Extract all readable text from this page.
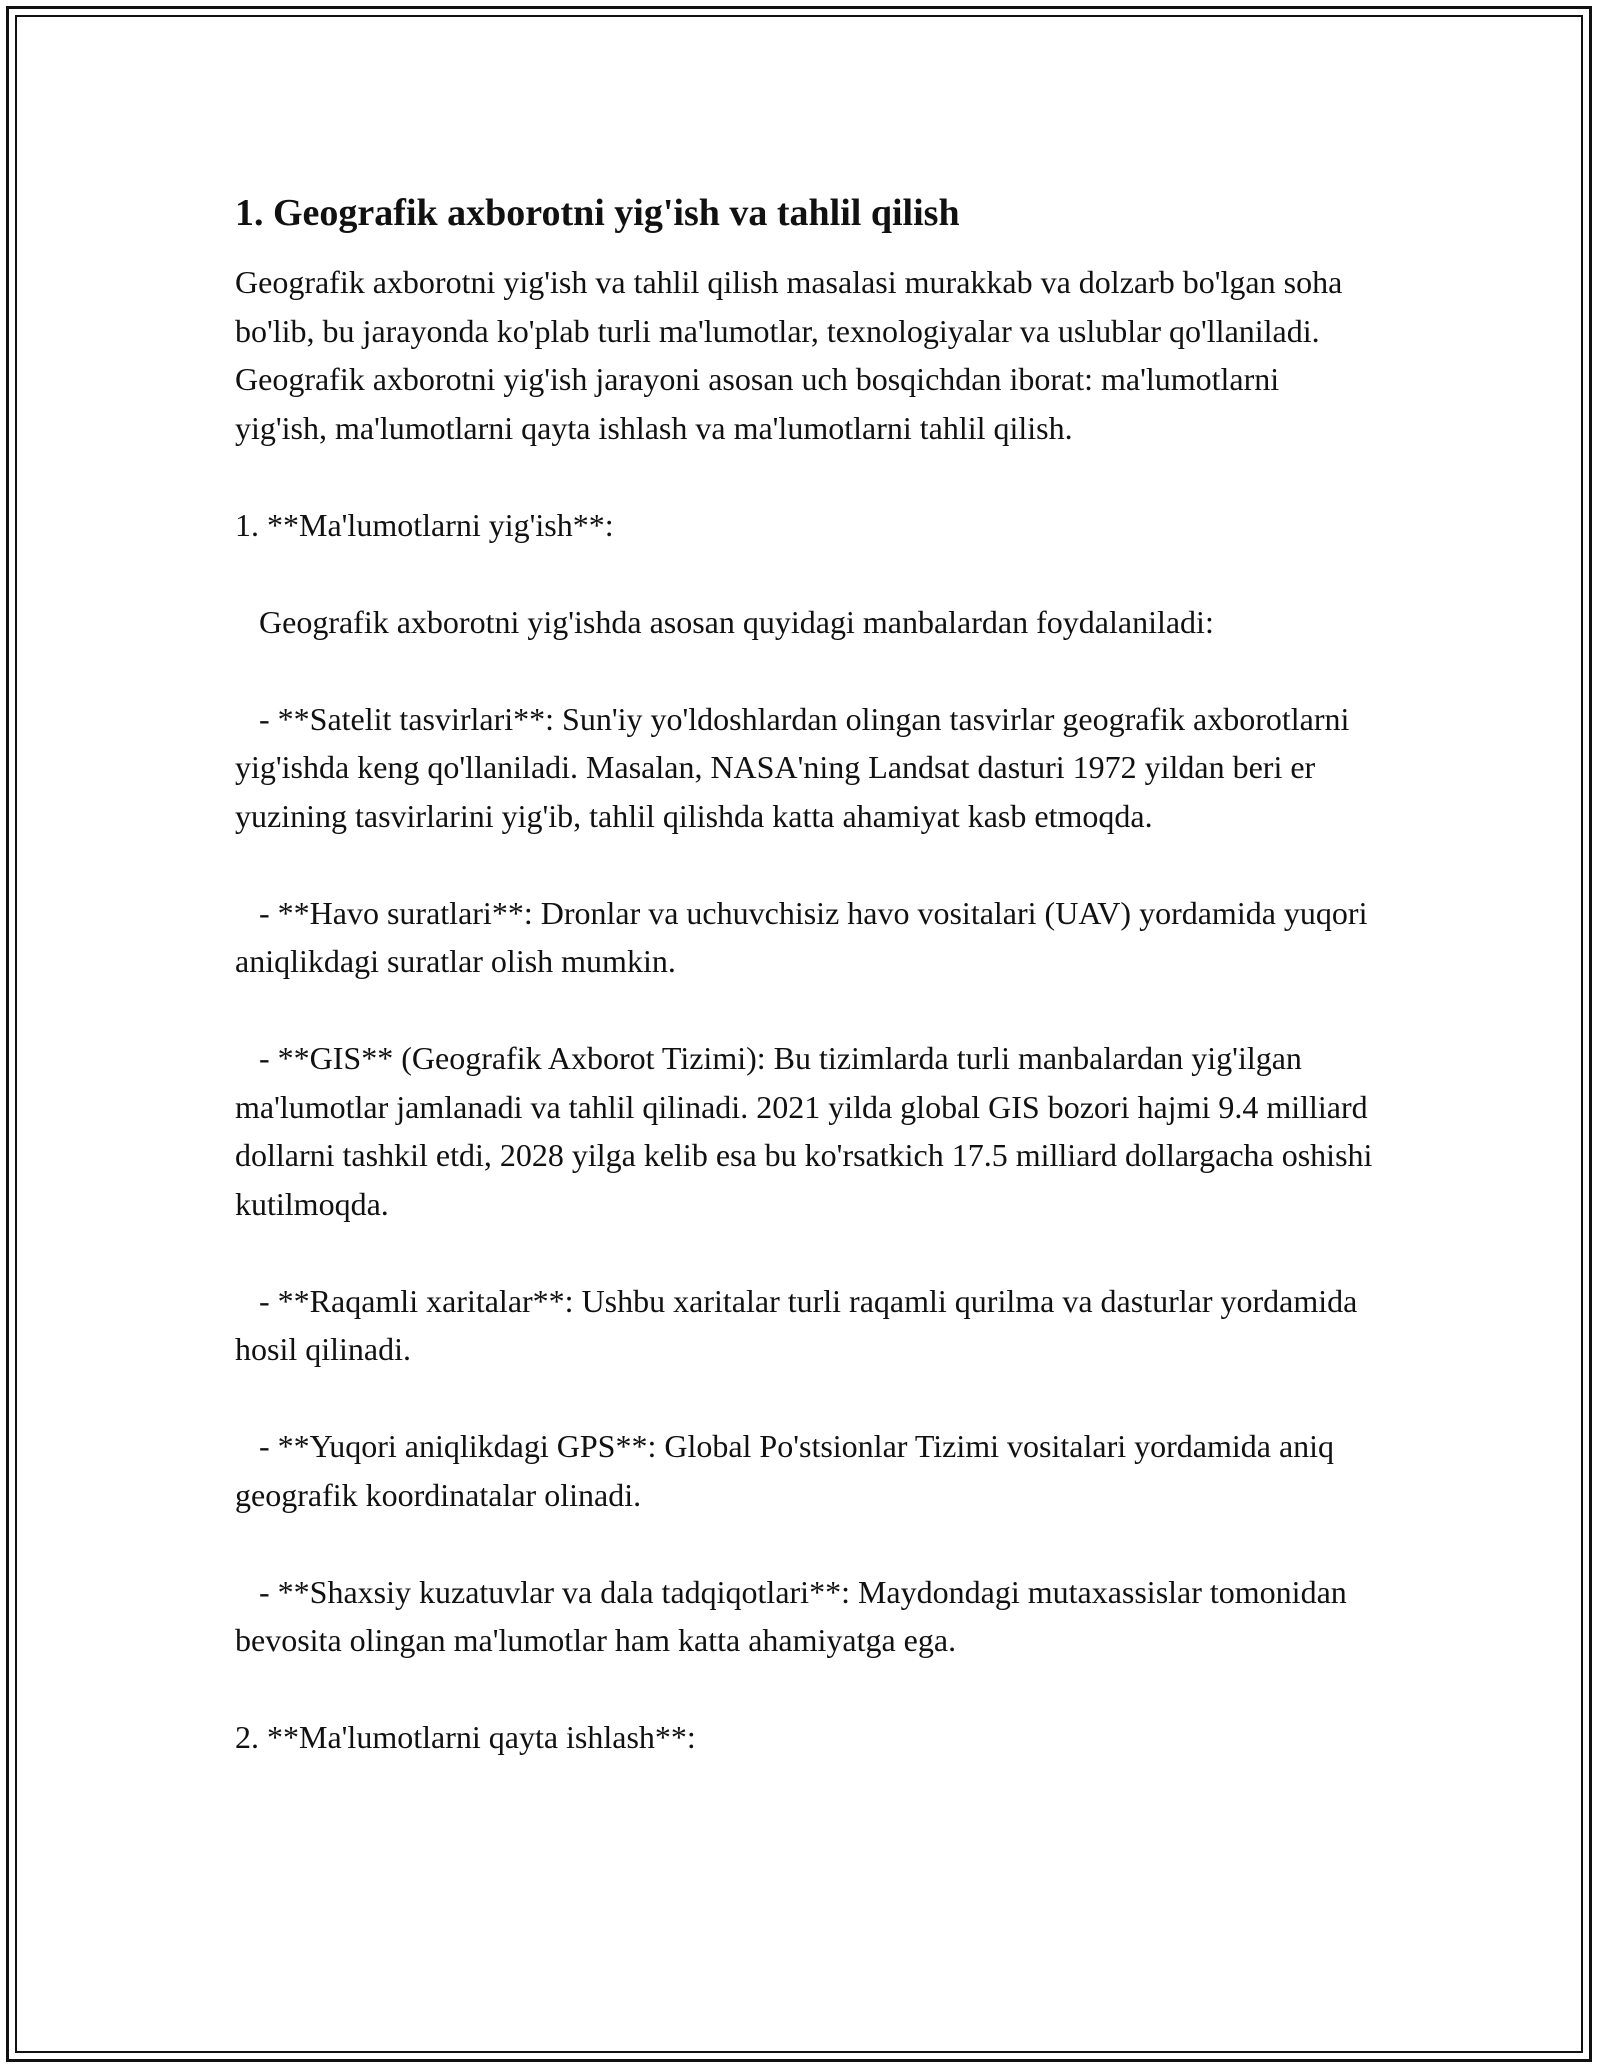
1. Geografik axborotni yig'ish va tahlil qilish

Geografik axborotni yig'ish va tahlil qilish masalasi murakkab va dolzarb bo'lgan soha bo'lib, bu jarayonda ko'plab turli ma'lumotlar, texnologiyalar va uslublar qo'llaniladi. Geografik axborotni yig'ish jarayoni asosan uch bosqichdan iborat: ma'lumotlarni yig'ish, ma'lumotlarni qayta ishlash va ma'lumotlarni tahlil qilish.

1. **Ma'lumotlarni yig'ish**:

Geografik axborotni yig'ishda asosan quyidagi manbalardan foydalaniladi:

- **Satelit tasvirlari**: Sun'iy yo'ldoshlardan olingan tasvirlar geografik axborotlarni yig'ishda keng qo'llaniladi. Masalan, NASA'ning Landsat dasturi 1972 yildan beri er yuzining tasvirlarini yig'ib, tahlil qilishda katta ahamiyat kasb etmoqda.

- **Havo suratlari**: Dronlar va uchuvchisiz havo vositalari (UAV) yordamida yuqori aniqlikdagi suratlar olish mumkin.

- **GIS** (Geografik Axborot Tizimi): Bu tizimlarda turli manbalardan yig'ilgan ma'lumotlar jamlanadi va tahlil qilinadi. 2021 yilda global GIS bozori hajmi 9.4 milliard dollarni tashkil etdi, 2028 yilga kelib esa bu ko'rsatkich 17.5 milliard dollargacha oshishi kutilmoqda.

- **Raqamli xaritalar**: Ushbu xaritalar turli raqamli qurilma va dasturlar yordamida hosil qilinadi.

- **Yuqori aniqlikdagi GPS**: Global Po'stsionlar Tizimi vositalari yordamida aniq geografik koordinatalar olinadi.

- **Shaxsiy kuzatuvlar va dala tadqiqotlari**: Maydondagi mutaxassislar tomonidan bevosita olingan ma'lumotlar ham katta ahamiyatga ega.

2. **Ma'lumotlarni qayta ishlash**:
